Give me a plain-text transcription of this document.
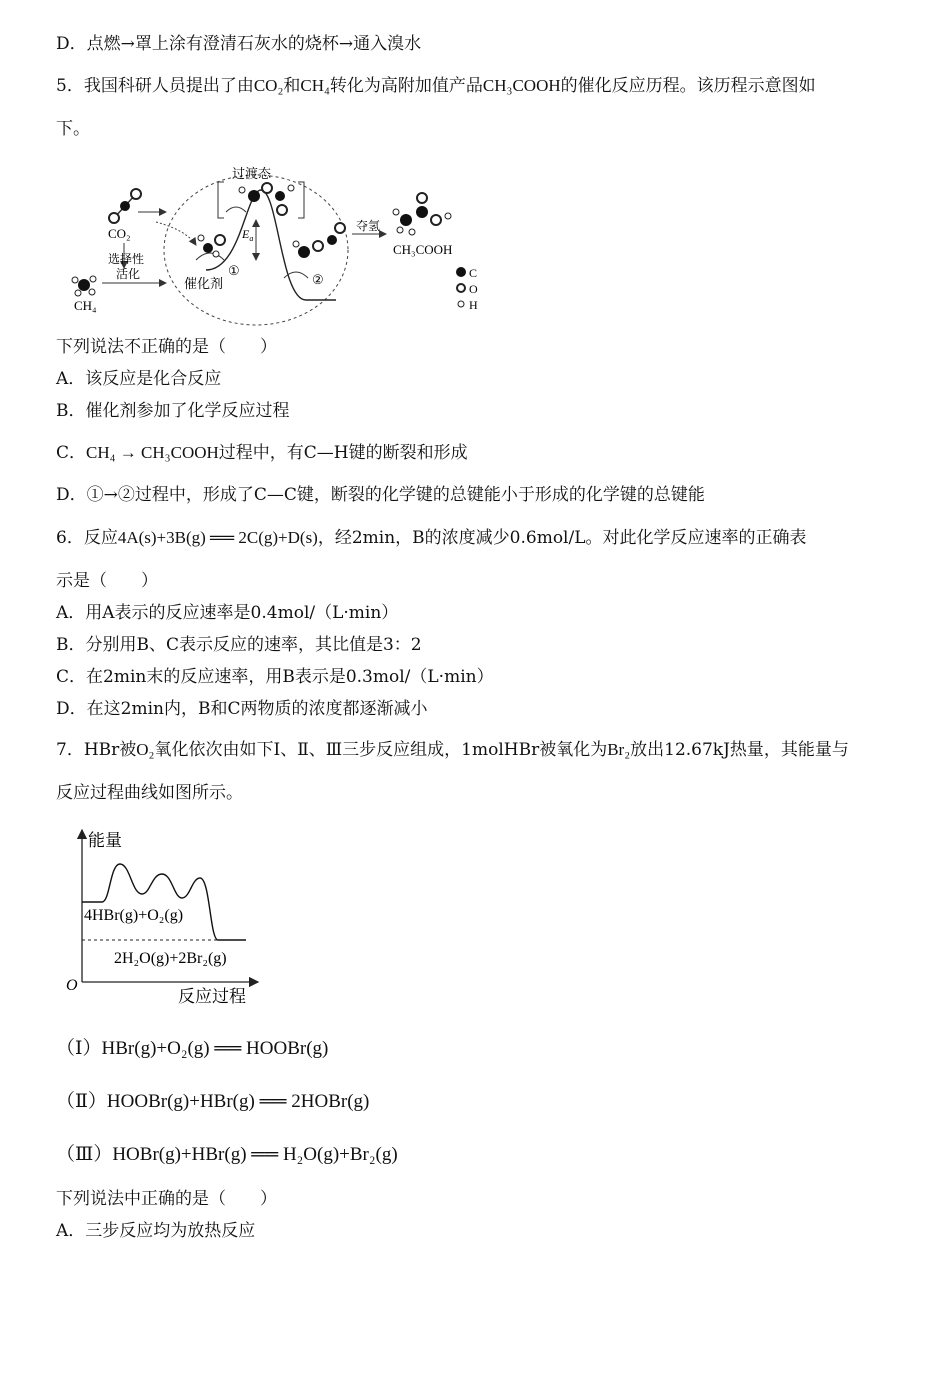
D．点燃→罩上涂有澄清石灰水的烧杯→通入溴水
5．我国科研人员提出了由CO₂和CH₄转化为高附加值产品CH₃COOH的催化反应历程。该历程示意图如
下。
CO₂
CH₄
选择性
活化
催化剂
①
$E_a$
过渡态
②
夺氢
CH₃COOH
C
O
H
下列说法不正确的是（　　）
A．该反应是化合反应
B．催化剂参加了化学反应过程
C．CH₄ → CH₃COOH过程中，有C—H键的断裂和形成
D．①→②过程中，形成了C—C键，断裂的化学键的总键能小于形成的化学键的总键能
6．反应4A(s)+3B(g) ══ 2C(g)+D(s)，经2min，B的浓度减少0.6mol/L。对此化学反应速率的正确表
示是（　　）
A．用A表示的反应速率是0.4mol/（L·min）
B．分别用B、C表示反应的速率，其比值是3：2
C．在2min末的反应速率，用B表示是0.3mol/（L·min）
D．在这2min内，B和C两物质的浓度都逐渐减小
7．HBr被O₂氧化依次由如下Ⅰ、Ⅱ、Ⅲ三步反应组成，1molHBr被氧化为Br₂放出12.67kJ热量，其能量与
反应过程曲线如图所示。
能量
O
反应过程
4HBr(g)+O₂(g)
2H₂O(g)+2Br₂(g)
（Ⅰ）HBr(g)+O₂(g) ══ HOOBr(g)
（Ⅱ）HOOBr(g)+HBr(g) ══ 2HOBr(g)
（Ⅲ）HOBr(g)+HBr(g) ══ H₂O(g)+Br₂(g)
下列说法中正确的是（　　）
A．三步反应均为放热反应
